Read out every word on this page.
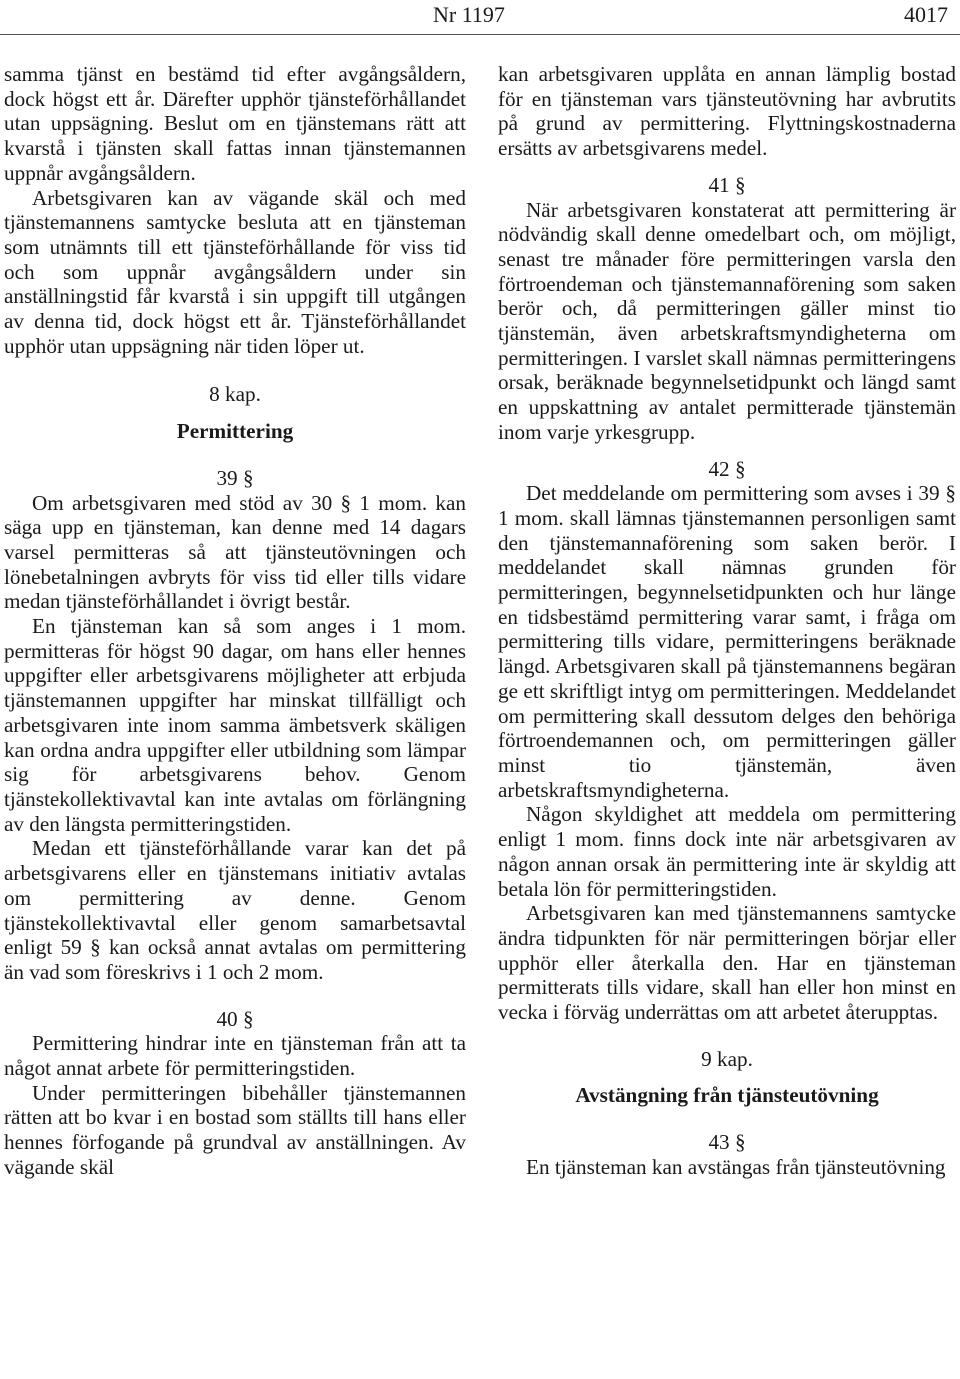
Nr 1197	4017

samma tjänst en bestämd tid efter avgångsåldern, dock högst ett år. Därefter upphör tjänsteförhållandet utan uppsägning. Beslut om en tjänstemans rätt att kvarstå i tjänsten skall fattas innan tjänstemannen uppnår avgångsåldern.

Arbetsgivaren kan av vägande skäl och med tjänstemannens samtycke besluta att en tjänsteman som utnämnts till ett tjänsteförhållande för viss tid och som uppnår avgångsåldern under sin anställningstid får kvarstå i sin uppgift till utgången av denna tid, dock högst ett år. Tjänsteförhållandet upphör utan uppsägning när tiden löper ut.

8 kap.

Permittering

39 §

Om arbetsgivaren med stöd av 30 § 1 mom. kan säga upp en tjänsteman, kan denne med 14 dagars varsel permitteras så att tjänsteutövningen och lönebetalningen avbryts för viss tid eller tills vidare medan tjänsteförhållandet i övrigt består.

En tjänsteman kan så som anges i 1 mom. permitteras för högst 90 dagar, om hans eller hennes uppgifter eller arbetsgivarens möjligheter att erbjuda tjänstemannen uppgifter har minskat tillfälligt och arbetsgivaren inte inom samma ämbetsverk skäligen kan ordna andra uppgifter eller utbildning som lämpar sig för arbetsgivarens behov. Genom tjänstekollektivavtal kan inte avtalas om förlängning av den längsta permitteringstiden.

Medan ett tjänsteförhållande varar kan det på arbetsgivarens eller en tjänstemans initiativ avtalas om permittering av denne. Genom tjänstekollektivavtal eller genom samarbetsavtal enligt 59 § kan också annat avtalas om permittering än vad som föreskrivs i 1 och 2 mom.

40 §

Permittering hindrar inte en tjänsteman från att ta något annat arbete för permitteringstiden.

Under permitteringen bibehåller tjänstemannen rätten att bo kvar i en bostad som ställts till hans eller hennes förfogande på grundval av anställningen. Av vägande skäl

kan arbetsgivaren upplåta en annan lämplig bostad för en tjänsteman vars tjänsteutövning har avbrutits på grund av permittering. Flyttningskostnaderna ersätts av arbetsgivarens medel.

41 §

När arbetsgivaren konstaterat att permittering är nödvändig skall denne omedelbart och, om möjligt, senast tre månader före permitteringen varsla den förtroendeman och tjänstemannaförening som saken berör och, då permitteringen gäller minst tio tjänstemän, även arbetskraftsmyndigheterna om permitteringen. I varslet skall nämnas permitteringens orsak, beräknade begynnelsetidpunkt och längd samt en uppskattning av antalet permitterade tjänstemän inom varje yrkesgrupp.

42 §

Det meddelande om permittering som avses i 39 § 1 mom. skall lämnas tjänstemannen personligen samt den tjänstemannaförening som saken berör. I meddelandet skall nämnas grunden för permitteringen, begynnelsetidpunkten och hur länge en tidsbestämd permittering varar samt, i fråga om permittering tills vidare, permitteringens beräknade längd. Arbetsgivaren skall på tjänstemannens begäran ge ett skriftligt intyg om permitteringen. Meddelandet om permittering skall dessutom delges den behöriga förtroendemannen och, om permitteringen gäller minst tio tjänstemän, även arbetskraftsmyndigheterna.

Någon skyldighet att meddela om permittering enligt 1 mom. finns dock inte när arbetsgivaren av någon annan orsak än permittering inte är skyldig att betala lön för permitteringstiden.

Arbetsgivaren kan med tjänstemannens samtycke ändra tidpunkten för när permitteringen börjar eller upphör eller återkalla den. Har en tjänsteman permitterats tills vidare, skall han eller hon minst en vecka i förväg underrättas om att arbetet återupptas.

9 kap.

Avstängning från tjänsteutövning

43 §

En tjänsteman kan avstängas från tjänsteutövning
